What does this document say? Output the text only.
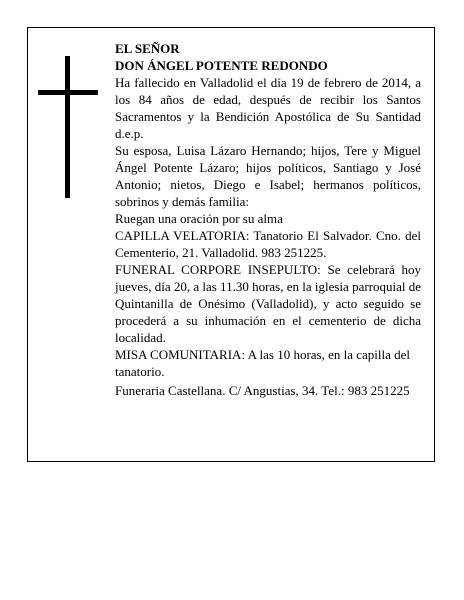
EL SEÑOR

DON ÁNGEL POTENTE REDONDO

Ha fallecido en Valladolid el día 19 de febrero de 2014, a los 84 años de edad, después de recibir los Santos Sacramentos y la Bendición Apostólica de Su Santidad d.e.p.

Su esposa, Luisa Lázaro Hernando; hijos, Tere y Miguel Ángel Potente Lázaro; hijos políticos, Santiago y José Antonio; nietos, Diego e Isabel; hermanos políticos, sobrinos y demás familia:

Ruegan una oración por su alma

CAPILLA VELATORIA: Tanatorio El Salvador. Cno. del Cementerio, 21. Valladolid. 983 251225.

FUNERAL CORPORE INSEPULTO: Se celebrará hoy jueves, día 20, a las 11.30 horas, en la iglesia parroquial de Quintanilla de Onésimo (Valladolid), y acto seguido se procederá a su inhumación en el cementerio de dicha localidad.

MISA COMUNITARIA: A las 10 horas, en la capilla del tanatorio.

Funeraria Castellana. C/ Angustias, 34. Tel.: 983 251225
